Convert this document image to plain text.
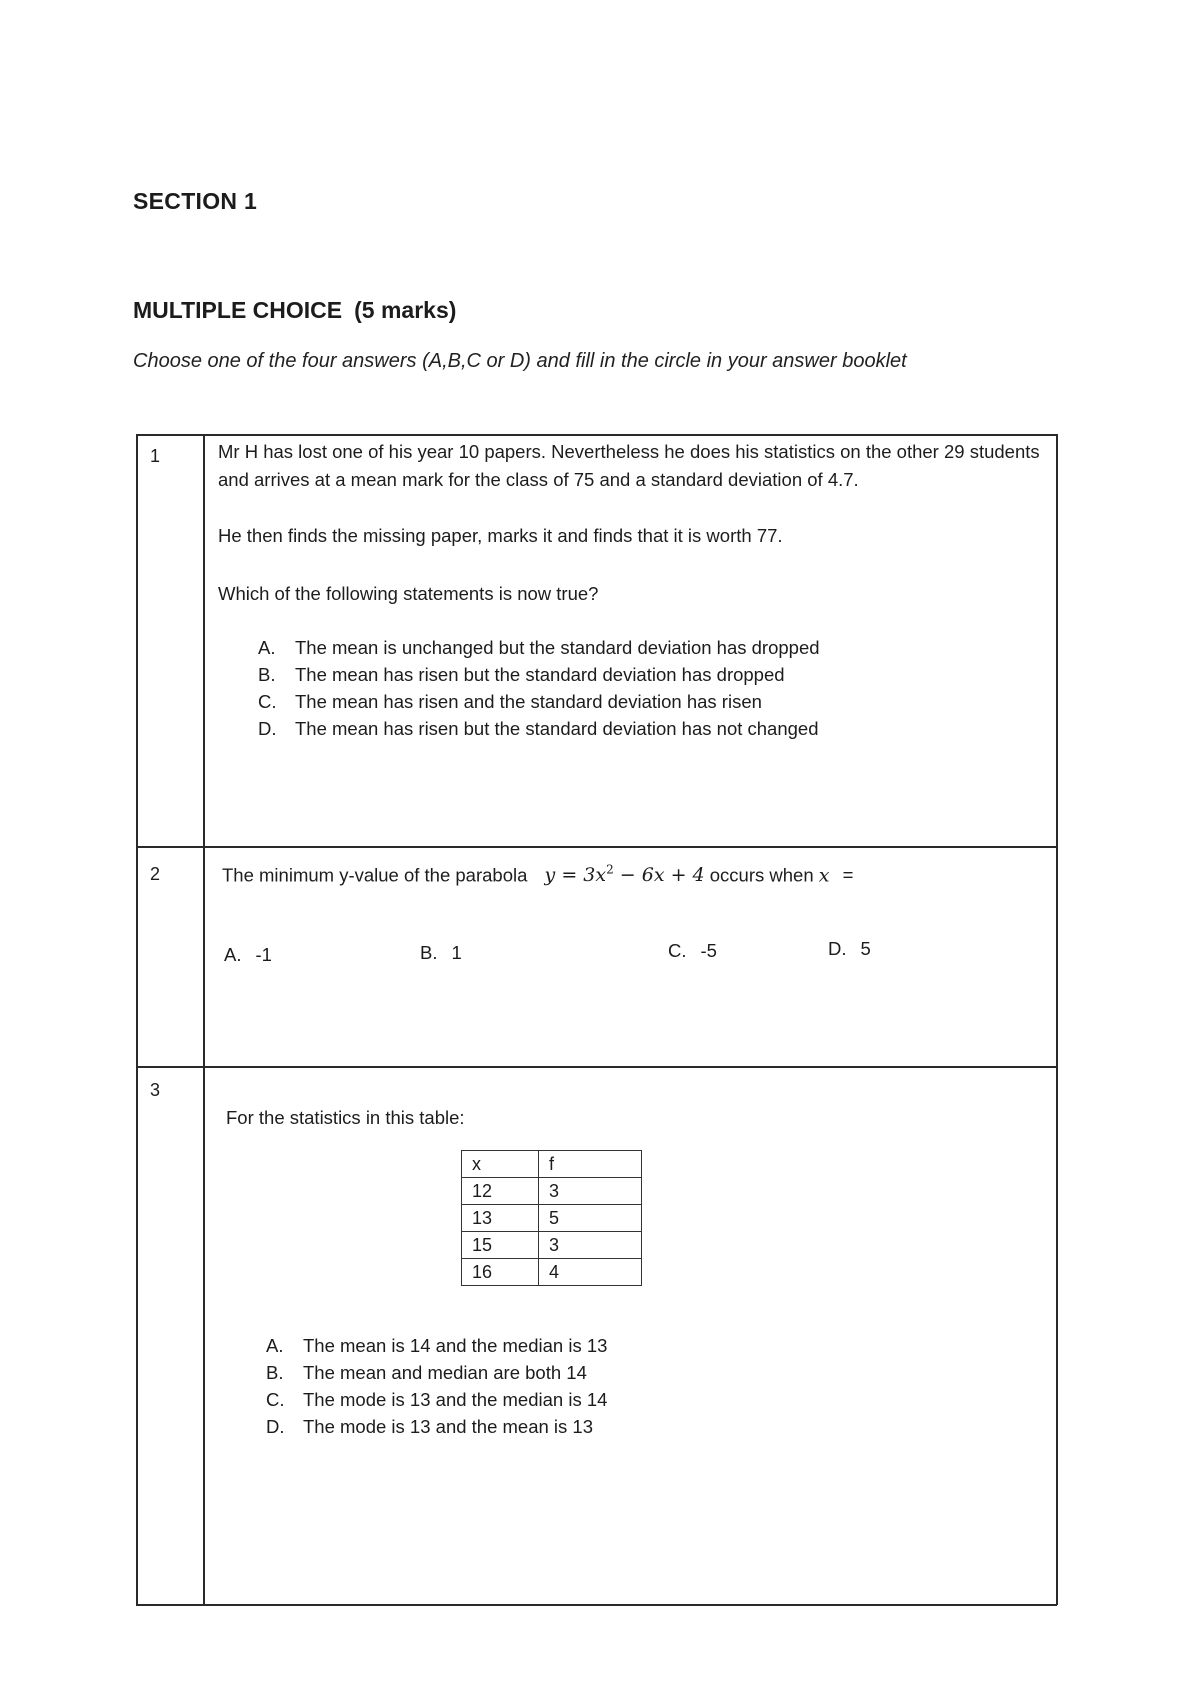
SECTION 1
MULTIPLE CHOICE (5 marks)
Choose one of the four answers (A,B,C or D) and fill in the circle in your answer booklet
1	Mr H has lost one of his year 10 papers. Nevertheless he does his statistics on the other 29 students and arrives at a mean mark for the class of 75 and a standard deviation of 4.7.
He then finds the missing paper, marks it and finds that it is worth 77.
Which of the following statements is now true?
A.	The mean is unchanged but the standard deviation has dropped
B.	The mean has risen but the standard deviation has dropped
C.	The mean has risen and the standard deviation has risen
D.	The mean has risen but the standard deviation has not changed
2	The minimum y-value of the parabola $y = 3x^2 - 6x + 4$ occurs when x =
A. -1	B. 1	C. -5	D. 5
3
For the statistics in this table:
x	f
12	3
13	5
15	3
16	4
A.	The mean is 14 and the median is 13
B.	The mean and median are both 14
C.	The mode is 13 and the median is 14
D.	The mode is 13 and the mean is 13
